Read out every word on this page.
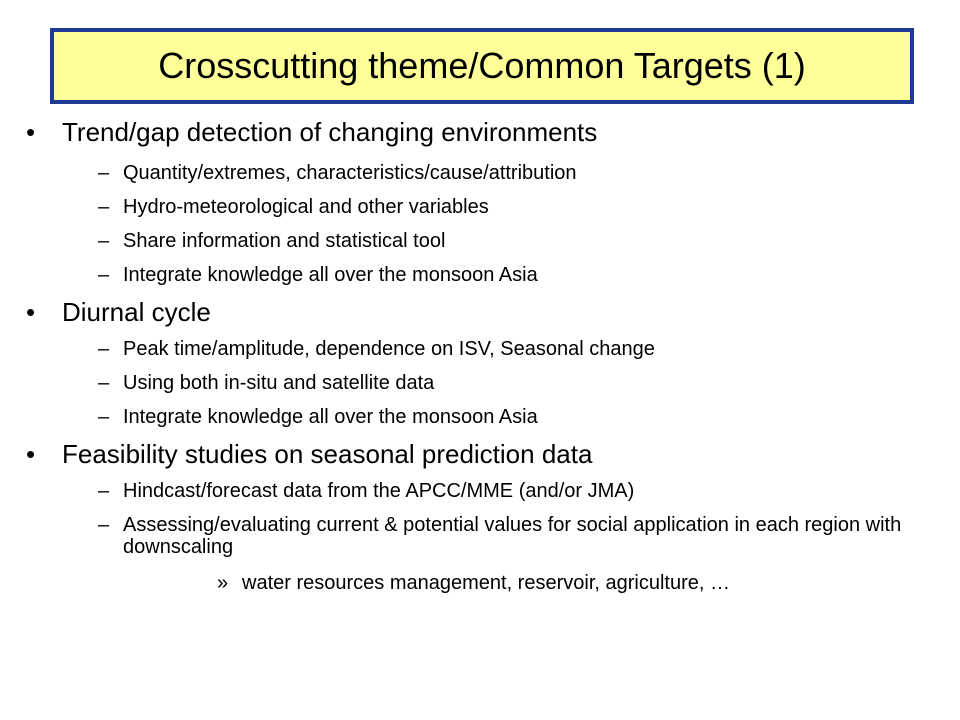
Crosscutting theme/Common Targets (1)
•	Trend/gap detection of changing environments
– Quantity/extremes, characteristics/cause/attribution
– Hydro-meteorological and other variables
– Share information and statistical tool
– Integrate knowledge all over the monsoon Asia
•	Diurnal cycle
– Peak time/amplitude, dependence on ISV, Seasonal change
– Using both in-situ and satellite data
– Integrate knowledge all over the monsoon Asia
•	Feasibility studies on seasonal prediction data
– Hindcast/forecast data from the APCC/MME (and/or JMA)
– Assessing/evaluating current & potential values for social application in each region with downscaling
» water resources management, reservoir, agriculture, …
